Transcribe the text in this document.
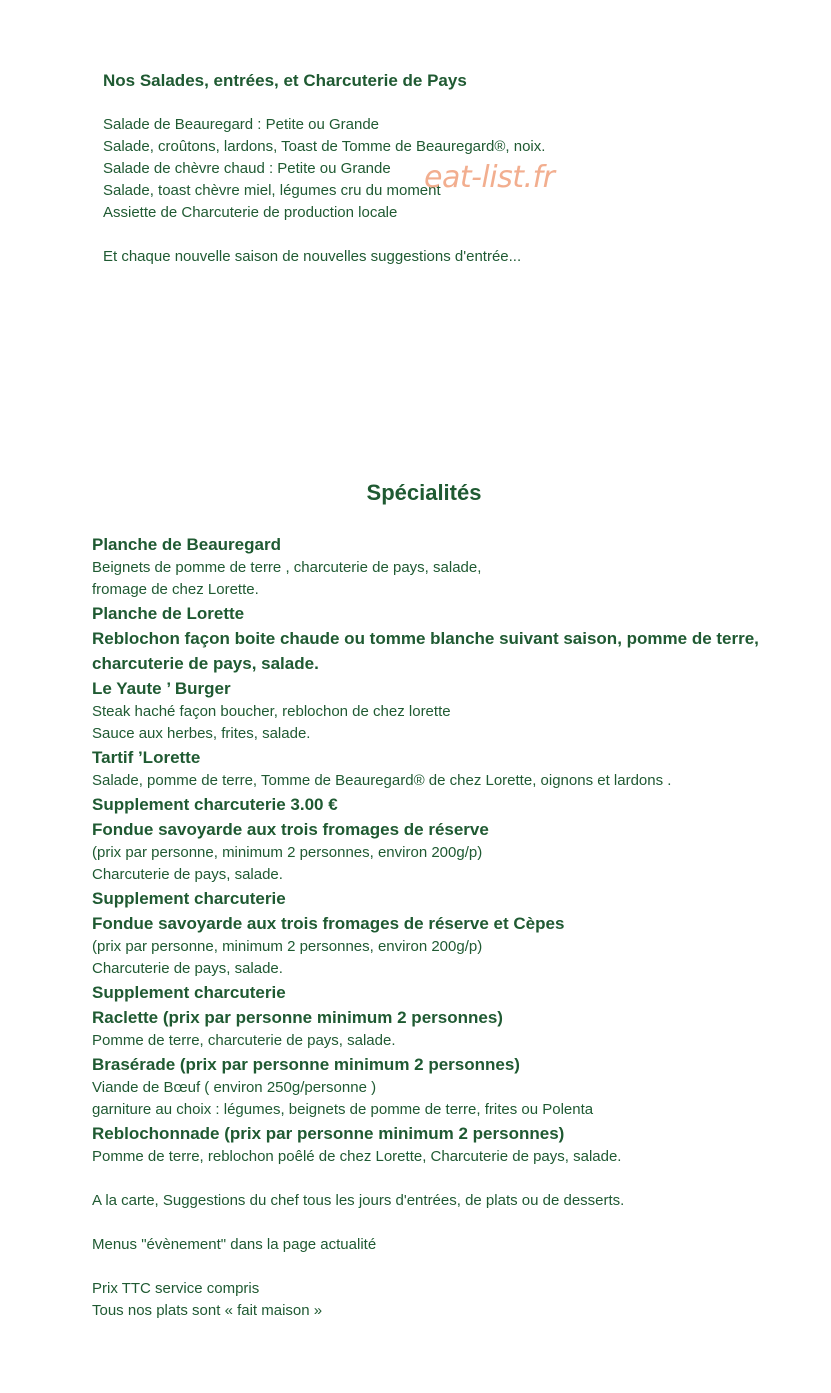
Nos Salades, entrées, et Charcuterie de Pays
Salade de Beauregard : Petite ou Grande
Salade, croûtons, lardons, Toast de Tomme de Beauregard®, noix.
Salade de chèvre chaud : Petite ou Grande
Salade, toast chèvre miel, légumes cru du moment
Assiette de Charcuterie de production locale
Et chaque nouvelle saison de nouvelles suggestions d'entrée...
eat-list.fr
Spécialités
Planche de Beauregard
Beignets de pomme de terre , charcuterie de pays, salade,
fromage de chez Lorette.
Planche de Lorette
Reblochon façon boite chaude ou tomme blanche suivant saison, pomme de terre, charcuterie de pays, salade.
Le Yaute ’ Burger
Steak haché façon boucher, reblochon de chez lorette
Sauce aux herbes, frites, salade.
Tartif ’Lorette
Salade, pomme de terre, Tomme de Beauregard® de chez Lorette, oignons et lardons .
Supplement charcuterie 3.00 €
Fondue savoyarde aux trois fromages de réserve
(prix par personne, minimum 2 personnes, environ 200g/p)
Charcuterie de pays, salade.
Supplement charcuterie
Fondue savoyarde aux trois fromages de réserve et Cèpes
(prix par personne, minimum 2 personnes, environ 200g/p)
Charcuterie de pays, salade.
Supplement charcuterie
Raclette (prix par personne minimum 2 personnes)
Pomme de terre, charcuterie de pays, salade.
Brasérade (prix par personne minimum 2 personnes)
Viande de Bœuf ( environ 250g/personne )
garniture au choix : légumes, beignets de pomme de terre, frites ou Polenta
Reblochonnade (prix par personne minimum 2 personnes)
Pomme de terre, reblochon poêlé de chez Lorette, Charcuterie de pays, salade.
A la carte, Suggestions du chef tous les jours d'entrées, de plats ou de desserts.
Menus "évènement" dans la page actualité
Prix TTC service compris
Tous nos plats sont « fait maison »
